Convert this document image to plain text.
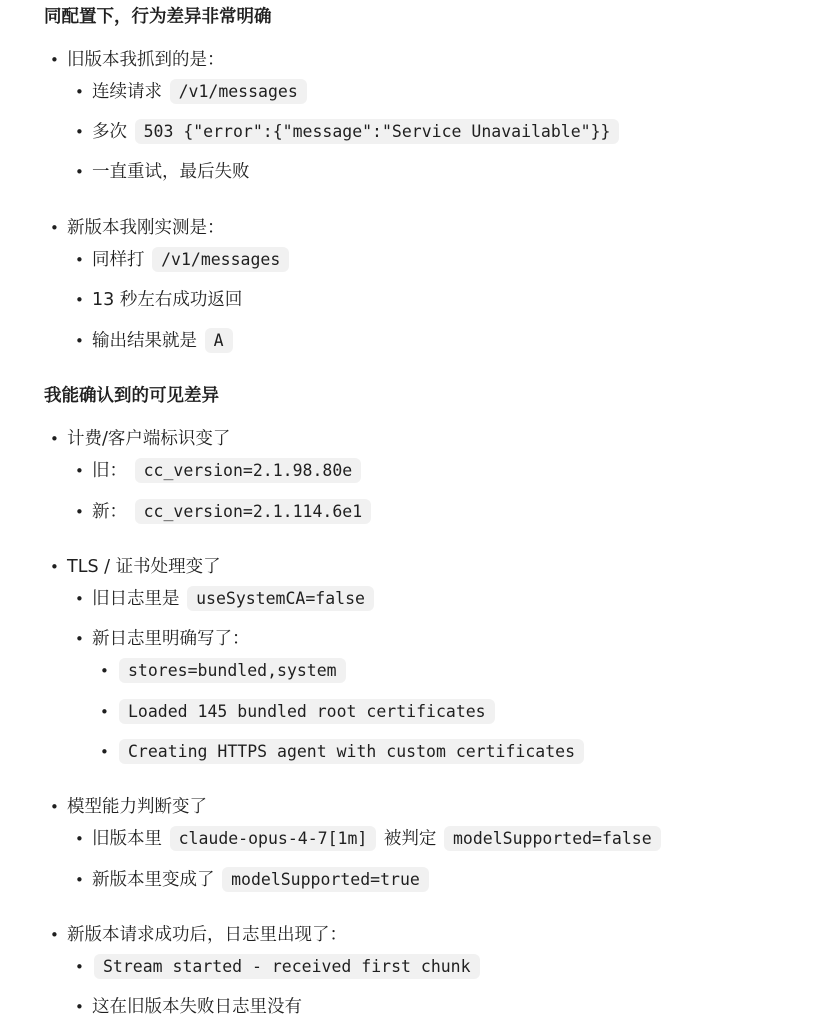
同配置下，行为差异非常明确
• 旧版本我抓到的是：
• 连续请求 /v1/messages
• 多次 503 {"error":{"message":"Service Unavailable"}}
• 一直重试，最后失败
• 新版本我刚实测是：
• 同样打 /v1/messages
• 13 秒左右成功返回
• 输出结果就是 A
我能确认到的可见差异
• 计费/客户端标识变了
• 旧： cc_version=2.1.98.80e
• 新： cc_version=2.1.114.6e1
• TLS / 证书处理变了
• 旧日志里是 useSystemCA=false
• 新日志里明确写了：
• stores=bundled,system
• Loaded 145 bundled root certificates
• Creating HTTPS agent with custom certificates
• 模型能力判断变了
• 旧版本里 claude-opus-4-7[1m] 被判定 modelSupported=false
• 新版本里变成了 modelSupported=true
• 新版本请求成功后，日志里出现了：
• Stream started - received first chunk
• 这在旧版本失败日志里没有
